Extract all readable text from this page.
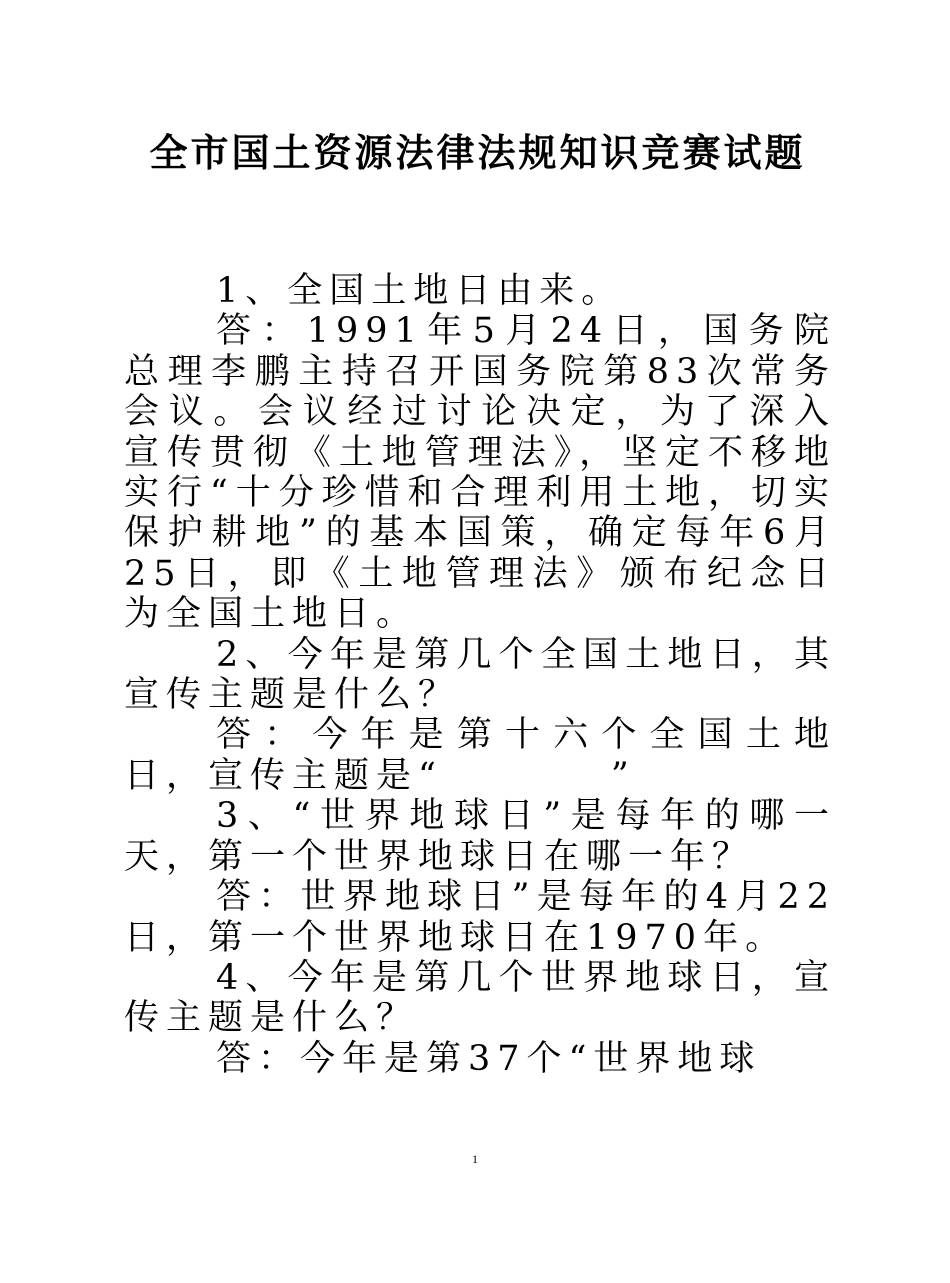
全市国土资源法律法规知识竞赛试题

1、全国土地日由来。

答：1991年5月24日，国务院总理李鹏主持召开国务院第83次常务会议。会议经过讨论决定，为了深入宣传贯彻《土地管理法》，坚定不移地实行“十分珍惜和合理利用土地，切实保护耕地”的基本国策，确定每年6月25日，即《土地管理法》颁布纪念日为全国土地日。

2、今年是第几个全国土地日，其宣传主题是什么？

答：今年是第十六个全国土地日，宣传主题是“　　　　”

3、“世界地球日”是每年的哪一天，第一个世界地球日在哪一年？

答：世界地球日”是每年的4月22日，第一个世界地球日在1970年。

4、今年是第几个世界地球日，宣传主题是什么？

答：今年是第37个“世界地球

1
